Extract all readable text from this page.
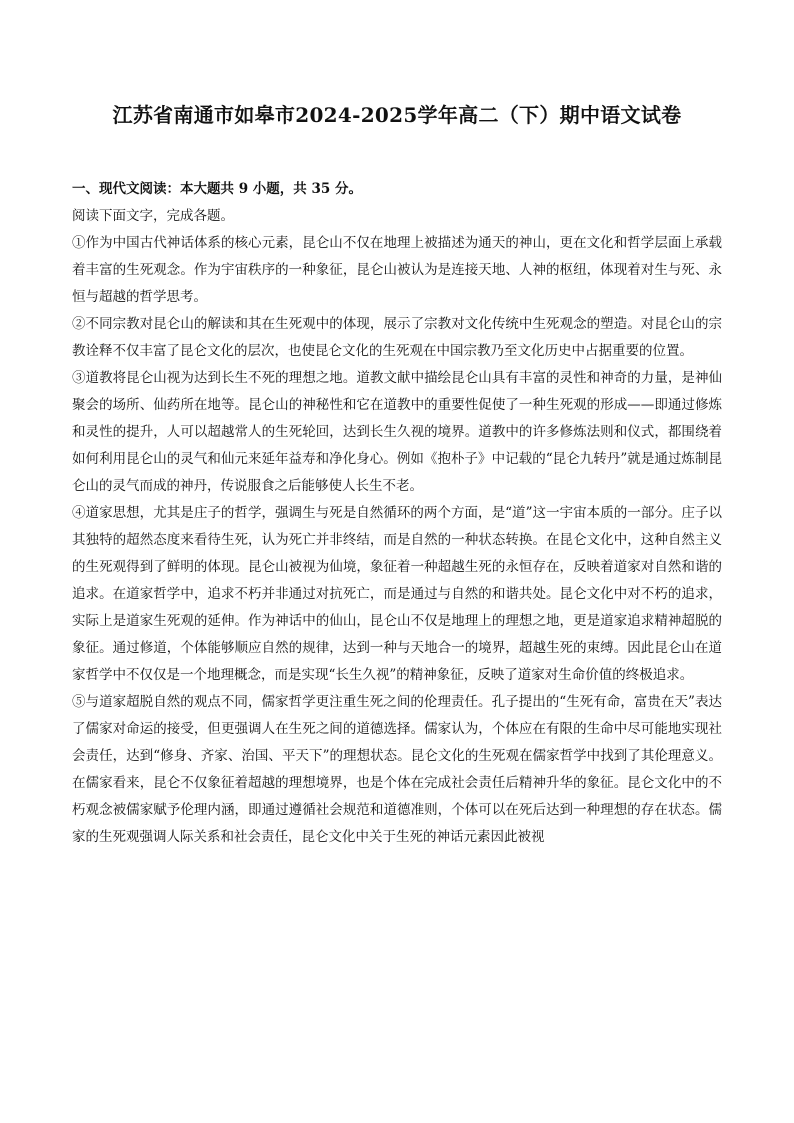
江苏省南通市如皋市2024-2025学年高二（下）期中语文试卷

一、现代文阅读：本大题共 9 小题，共 35 分。

阅读下面文字，完成各题。

①作为中国古代神话体系的核心元素，昆仑山不仅在地理上被描述为通天的神山，更在文化和哲学层面上承载着丰富的生死观念。作为宇宙秩序的一种象征，昆仑山被认为是连接天地、人神的枢纽，体现着对生与死、永恒与超越的哲学思考。

②不同宗教对昆仑山的解读和其在生死观中的体现，展示了宗教对文化传统中生死观念的塑造。对昆仑山的宗教诠释不仅丰富了昆仑文化的层次，也使昆仑文化的生死观在中国宗教乃至文化历史中占据重要的位置。

③道教将昆仑山视为达到长生不死的理想之地。道教文献中描绘昆仑山具有丰富的灵性和神奇的力量，是神仙聚会的场所、仙药所在地等。昆仑山的神秘性和它在道教中的重要性促使了一种生死观的形成——即通过修炼和灵性的提升，人可以超越常人的生死轮回，达到长生久视的境界。道教中的许多修炼法则和仪式，都围绕着如何利用昆仑山的灵气和仙元来延年益寿和净化身心。例如《抱朴子》中记载的“昆仑九转丹”就是通过炼制昆仑山的灵气而成的神丹，传说服食之后能够使人长生不老。

④道家思想，尤其是庄子的哲学，强调生与死是自然循环的两个方面，是“道”这一宇宙本质的一部分。庄子以其独特的超然态度来看待生死，认为死亡并非终结，而是自然的一种状态转换。在昆仑文化中，这种自然主义的生死观得到了鲜明的体现。昆仑山被视为仙境，象征着一种超越生死的永恒存在，反映着道家对自然和谐的追求。在道家哲学中，追求不朽并非通过对抗死亡，而是通过与自然的和谐共处。昆仑文化中对不朽的追求，实际上是道家生死观的延伸。作为神话中的仙山，昆仑山不仅是地理上的理想之地，更是道家追求精神超脱的象征。通过修道，个体能够顺应自然的规律，达到一种与天地合一的境界，超越生死的束缚。因此昆仑山在道家哲学中不仅仅是一个地理概念，而是实现“长生久视”的精神象征，反映了道家对生命价值的终极追求。

⑤与道家超脱自然的观点不同，儒家哲学更注重生死之间的伦理责任。孔子提出的“生死有命，富贵在天”表达了儒家对命运的接受，但更强调人在生死之间的道德选择。儒家认为，个体应在有限的生命中尽可能地实现社会责任，达到“修身、齐家、治国、平天下”的理想状态。昆仑文化的生死观在儒家哲学中找到了其伦理意义。在儒家看来，昆仑不仅象征着超越的理想境界，也是个体在完成社会责任后精神升华的象征。昆仑文化中的不朽观念被儒家赋予伦理内涵，即通过遵循社会规范和道德准则，个体可以在死后达到一种理想的存在状态。儒家的生死观强调人际关系和社会责任，昆仑文化中关于生死的神话元素因此被视
